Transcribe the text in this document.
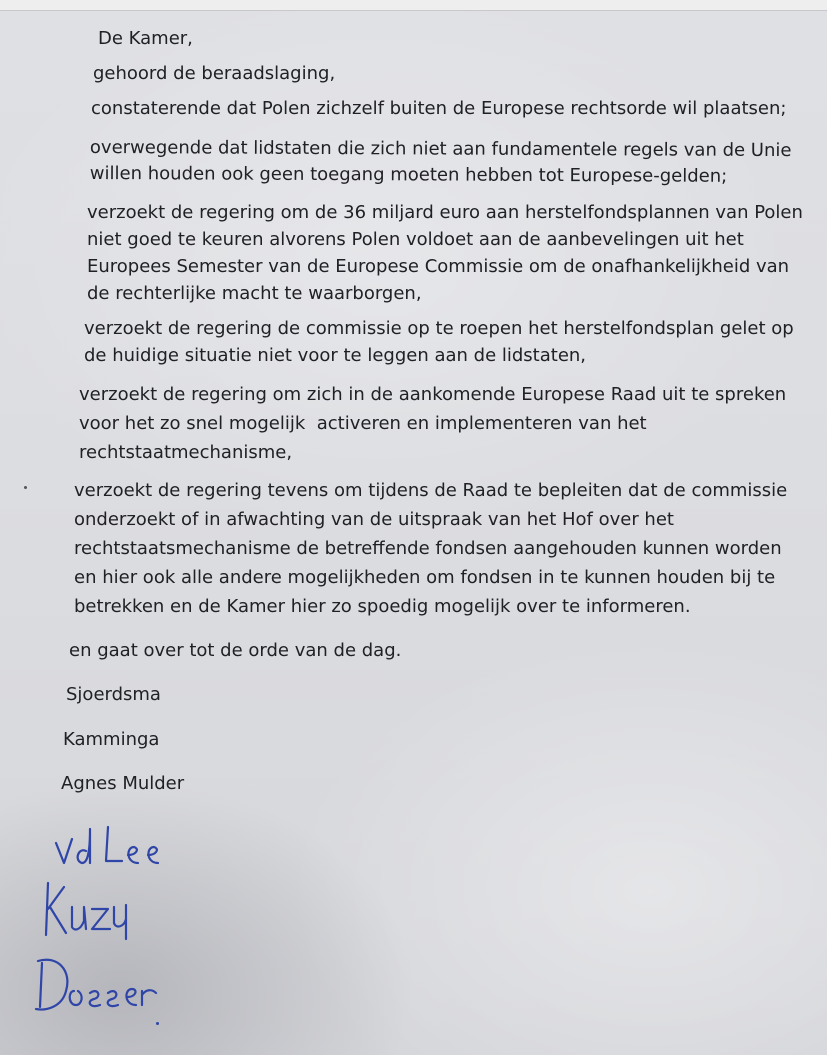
De Kamer,
gehoord de beraadslaging,
constaterende dat Polen zichzelf buiten de Europese rechtsorde wil plaatsen;
overwegende dat lidstaten die zich niet aan fundamentele regels van de Unie
willen houden ook geen toegang moeten hebben tot Europese-gelden;
verzoekt de regering om de 36 miljard euro aan herstelfondsplannen van Polen
niet goed te keuren alvorens Polen voldoet aan de aanbevelingen uit het
Europees Semester van de Europese Commissie om de onafhankelijkheid van
de rechterlijke macht te waarborgen,
verzoekt de regering de commissie op te roepen het herstelfondsplan gelet op
de huidige situatie niet voor te leggen aan de lidstaten,
verzoekt de regering om zich in de aankomende Europese Raad uit te spreken
voor het zo snel mogelijk  activeren en implementeren van het
rechtstaatmechanisme,
verzoekt de regering tevens om tijdens de Raad te bepleiten dat de commissie
onderzoekt of in afwachting van de uitspraak van het Hof over het
rechtstaatsmechanisme de betreffende fondsen aangehouden kunnen worden
en hier ook alle andere mogelijkheden om fondsen in te kunnen houden bij te
betrekken en de Kamer hier zo spoedig mogelijk over te informeren.
en gaat over tot de orde van de dag.
Sjoerdsma
Kamminga
Agnes Mulder
